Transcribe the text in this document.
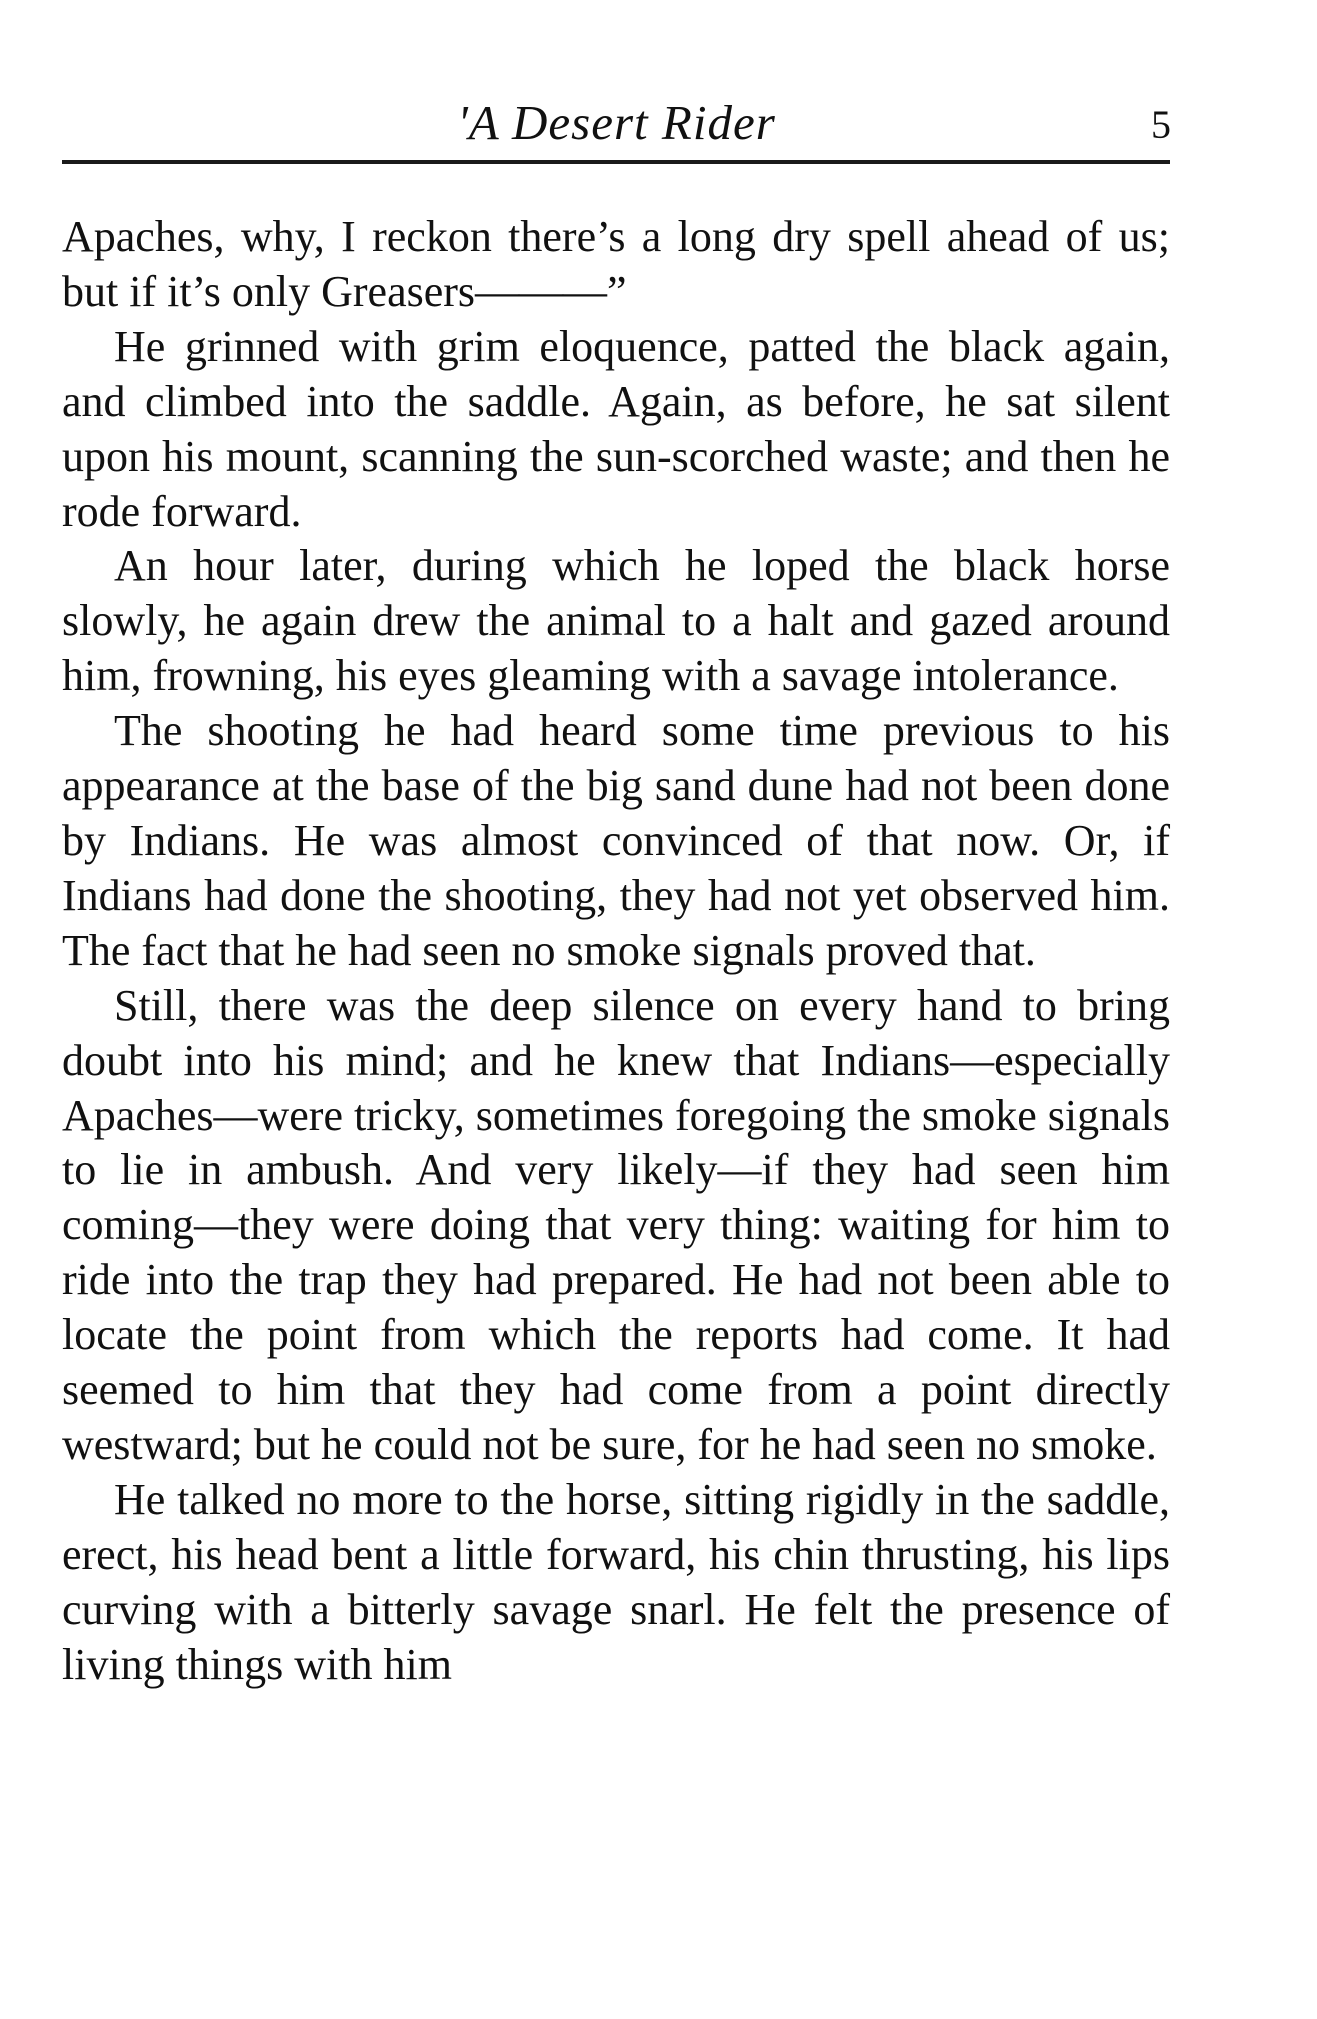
'A Desert Rider	5

Apaches, why, I reckon there’s a long dry spell ahead of us; but if it’s only Greasers———”

He grinned with grim eloquence, patted the black again, and climbed into the saddle. Again, as before, he sat silent upon his mount, scanning the sun-scorched waste; and then he rode forward.

An hour later, during which he loped the black horse slowly, he again drew the animal to a halt and gazed around him, frowning, his eyes gleaming with a savage intolerance.

The shooting he had heard some time previous to his appearance at the base of the big sand dune had not been done by Indians. He was almost convinced of that now. Or, if Indians had done the shooting, they had not yet observed him. The fact that he had seen no smoke signals proved that.

Still, there was the deep silence on every hand to bring doubt into his mind; and he knew that Indians—especially Apaches—were tricky, sometimes foregoing the smoke signals to lie in ambush. And very likely—if they had seen him coming—they were doing that very thing: waiting for him to ride into the trap they had prepared. He had not been able to locate the point from which the reports had come. It had seemed to him that they had come from a point directly westward; but he could not be sure, for he had seen no smoke.

He talked no more to the horse, sitting rigidly in the saddle, erect, his head bent a little forward, his chin thrusting, his lips curving with a bitterly savage snarl. He felt the presence of living things with him
